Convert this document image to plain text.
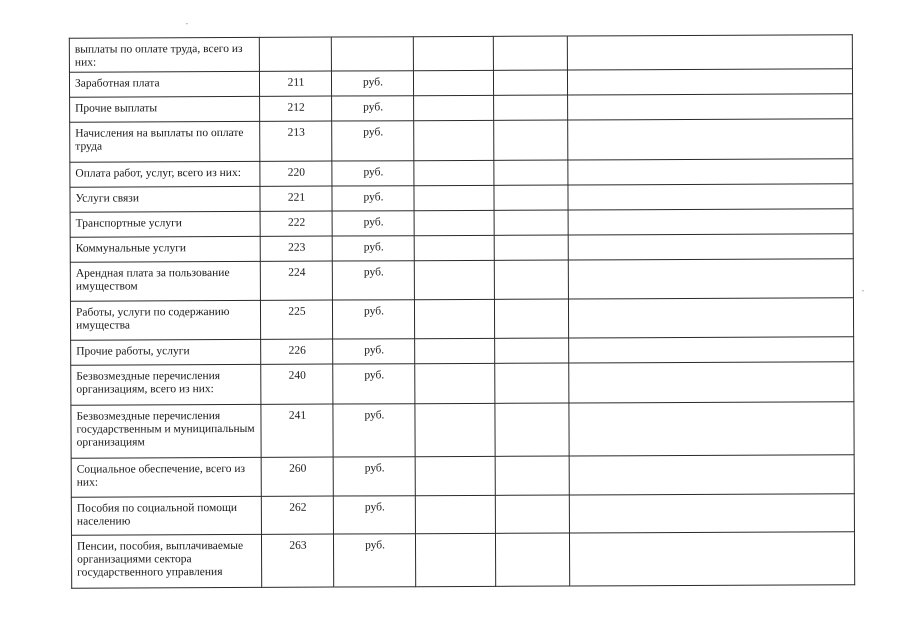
выплаты по оплате труда, всего из них:					
Заработная плата	211	руб.			
Прочие выплаты	212	руб.			
Начисления на выплаты по оплате труда	213	руб.			
Оплата работ, услуг, всего из них:	220	руб.			
Услуги связи	221	руб.			
Транспортные услуги	222	руб.			
Коммунальные услуги	223	руб.			
Арендная плата за пользование имуществом	224	руб.			
Работы, услуги по содержанию имущества	225	руб.			
Прочие работы, услуги	226	руб.			
Безвозмездные перечисления организациям, всего из них:	240	руб.			
Безвозмездные перечисления государственным и муниципальным организациям	241	руб.			
Социальное обеспечение, всего из них:	260	руб.			
Пособия по социальной помощи населению	262	руб.			
Пенсии, пособия, выплачиваемые организациями сектора государственного управления	263	руб.			
